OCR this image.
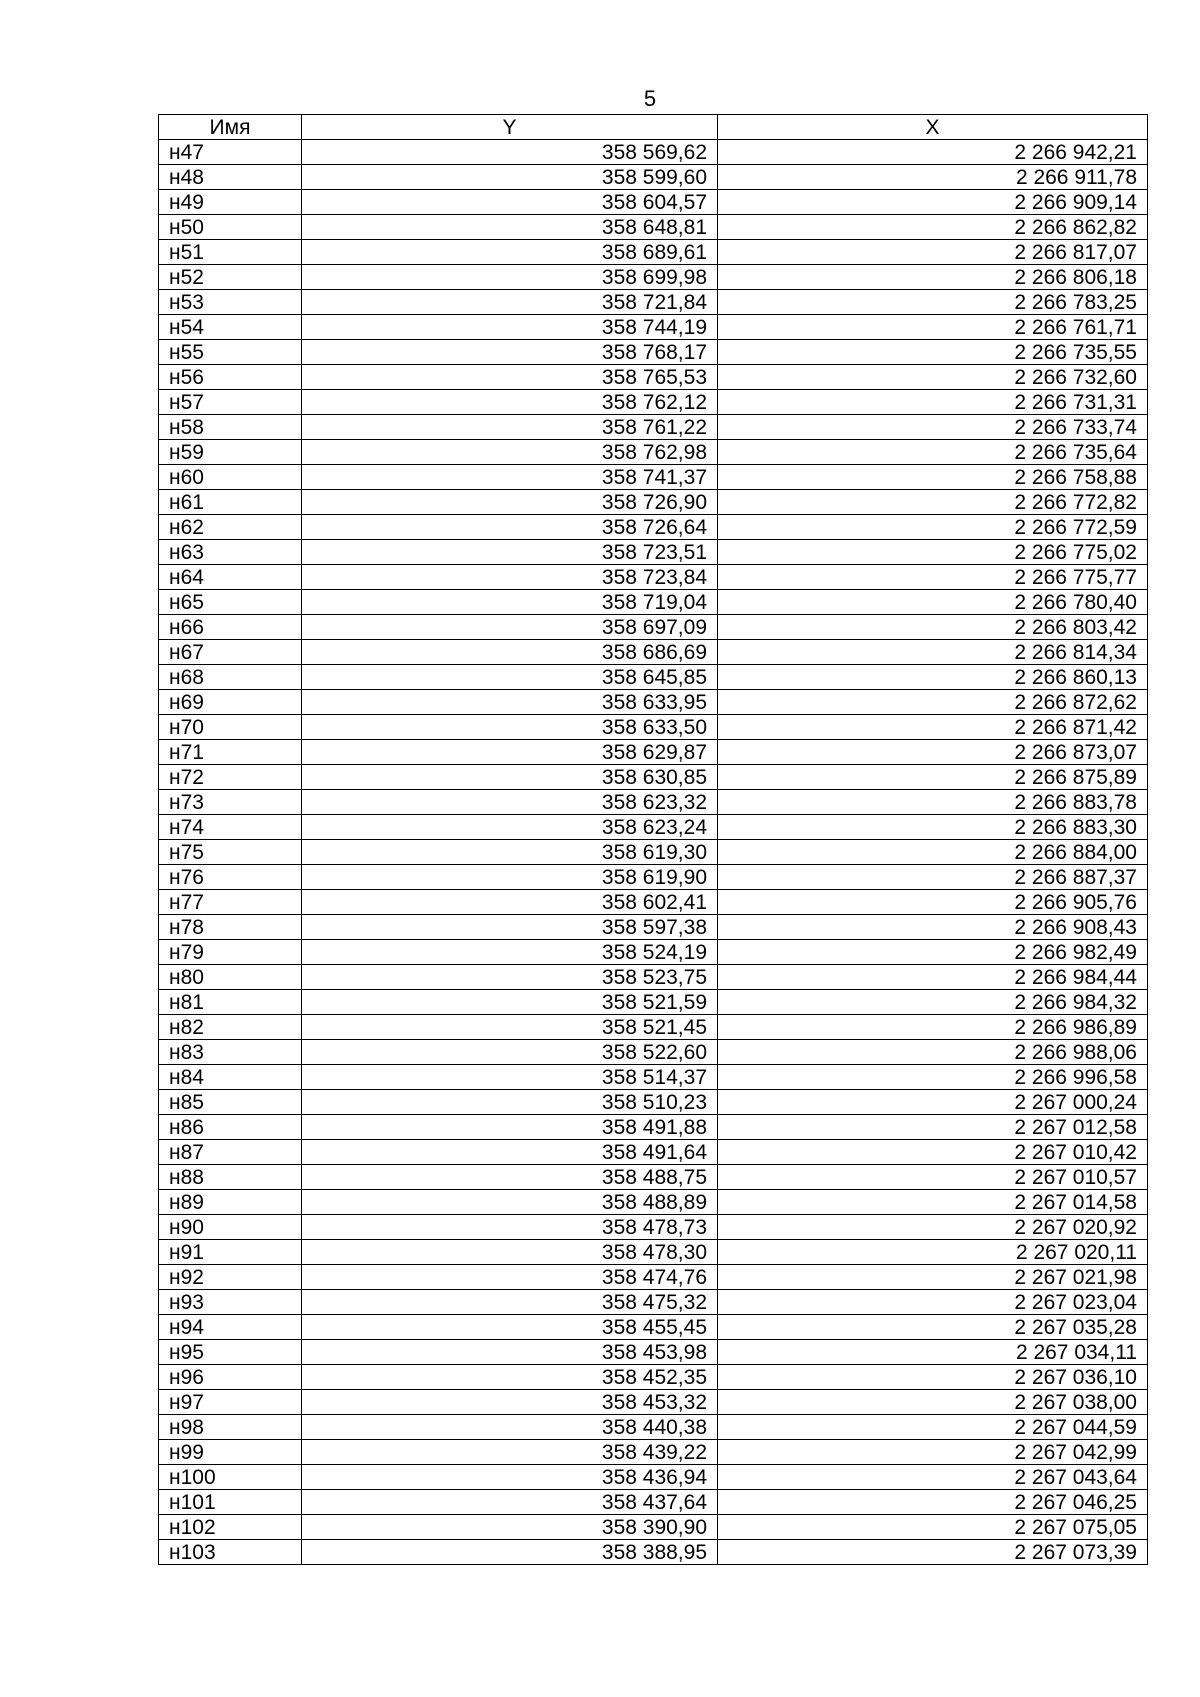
5
Имя	Y	X
н47	358 569,62	2 266 942,21
н48	358 599,60	2 266 911,78
н49	358 604,57	2 266 909,14
н50	358 648,81	2 266 862,82
н51	358 689,61	2 266 817,07
н52	358 699,98	2 266 806,18
н53	358 721,84	2 266 783,25
н54	358 744,19	2 266 761,71
н55	358 768,17	2 266 735,55
н56	358 765,53	2 266 732,60
н57	358 762,12	2 266 731,31
н58	358 761,22	2 266 733,74
н59	358 762,98	2 266 735,64
н60	358 741,37	2 266 758,88
н61	358 726,90	2 266 772,82
н62	358 726,64	2 266 772,59
н63	358 723,51	2 266 775,02
н64	358 723,84	2 266 775,77
н65	358 719,04	2 266 780,40
н66	358 697,09	2 266 803,42
н67	358 686,69	2 266 814,34
н68	358 645,85	2 266 860,13
н69	358 633,95	2 266 872,62
н70	358 633,50	2 266 871,42
н71	358 629,87	2 266 873,07
н72	358 630,85	2 266 875,89
н73	358 623,32	2 266 883,78
н74	358 623,24	2 266 883,30
н75	358 619,30	2 266 884,00
н76	358 619,90	2 266 887,37
н77	358 602,41	2 266 905,76
н78	358 597,38	2 266 908,43
н79	358 524,19	2 266 982,49
н80	358 523,75	2 266 984,44
н81	358 521,59	2 266 984,32
н82	358 521,45	2 266 986,89
н83	358 522,60	2 266 988,06
н84	358 514,37	2 266 996,58
н85	358 510,23	2 267 000,24
н86	358 491,88	2 267 012,58
н87	358 491,64	2 267 010,42
н88	358 488,75	2 267 010,57
н89	358 488,89	2 267 014,58
н90	358 478,73	2 267 020,92
н91	358 478,30	2 267 020,11
н92	358 474,76	2 267 021,98
н93	358 475,32	2 267 023,04
н94	358 455,45	2 267 035,28
н95	358 453,98	2 267 034,11
н96	358 452,35	2 267 036,10
н97	358 453,32	2 267 038,00
н98	358 440,38	2 267 044,59
н99	358 439,22	2 267 042,99
н100	358 436,94	2 267 043,64
н101	358 437,64	2 267 046,25
н102	358 390,90	2 267 075,05
н103	358 388,95	2 267 073,39
